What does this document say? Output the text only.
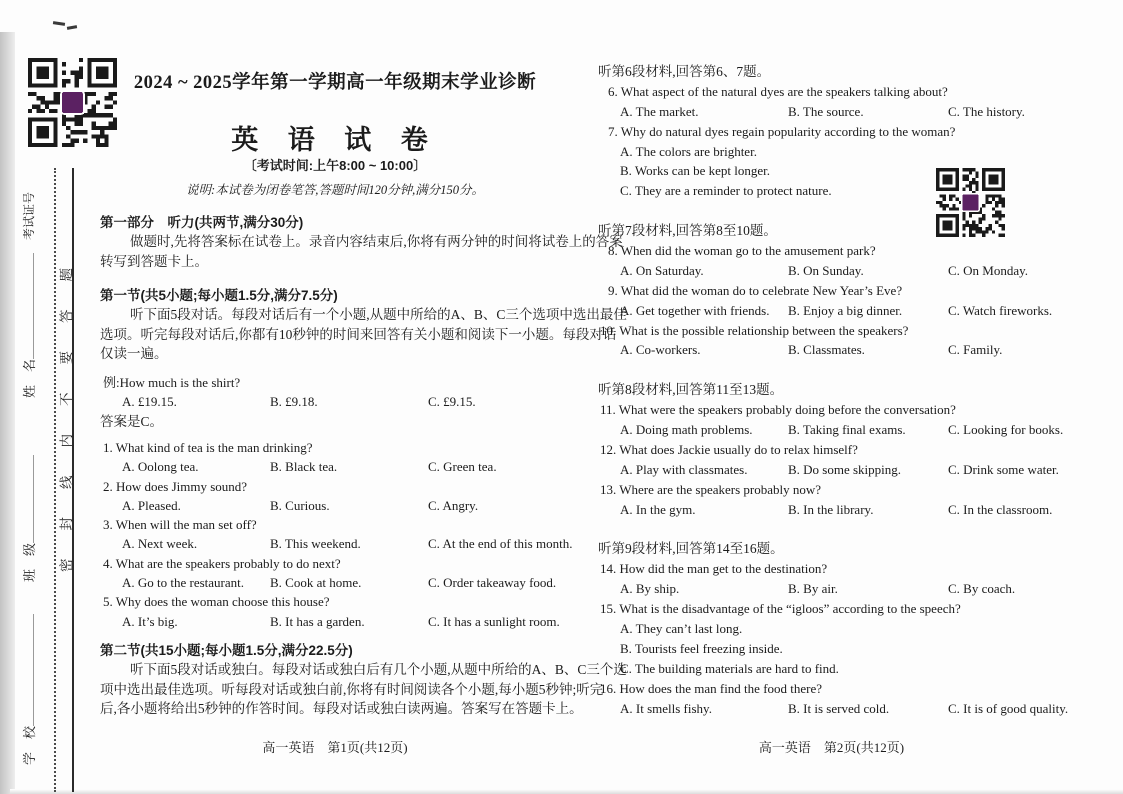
考试证号
姓　名
班　级
学　校
密封线内不要答题
2024 ~ 2025学年第一学期高一年级期末学业诊断
英 语 试 卷
〔考试时间:上午8:00 ~ 10:00〕
说明:本试卷为闭卷笔答,答题时间120分钟,满分150分。
第一部分　听力(共两节,满分30分)
做题时,先将答案标在试卷上。录音内容结束后,你将有两分钟的时间将试卷上的答案
转写到答题卡上。
第一节(共5小题;每小题1.5分,满分7.5分)
听下面5段对话。每段对话后有一个小题,从题中所给的A、B、C三个选项中选出最佳
选项。听完每段对话后,你都有10秒钟的时间来回答有关小题和阅读下一小题。每段对话
仅读一遍。
例:How much is the shirt?
A. £19.15.	B. £9.18.	C. £9.15.
答案是C。
1. What kind of tea is the man drinking?
A. Oolong tea.	B. Black tea.	C. Green tea.
2. How does Jimmy sound?
A. Pleased.	B. Curious.	C. Angry.
3. When will the man set off?
A. Next week.	B. This weekend.	C. At the end of this month.
4. What are the speakers probably to do next?
A. Go to the restaurant.	B. Cook at home.	C. Order takeaway food.
5. Why does the woman choose this house?
A. It’s big.	B. It has a garden.	C. It has a sunlight room.
第二节(共15小题;每小题1.5分,满分22.5分)
听下面5段对话或独白。每段对话或独白后有几个小题,从题中所给的A、B、C三个选
项中选出最佳选项。听每段对话或独白前,你将有时间阅读各个小题,每小题5秒钟;听完
后,各小题将给出5秒钟的作答时间。每段对话或独白读两遍。答案写在答题卡上。
高一英语　第1页(共12页)
听第6段材料,回答第6、7题。
6. What aspect of the natural dyes are the speakers talking about?
A. The market.	B. The source.	C. The history.
7. Why do natural dyes regain popularity according to the woman?
A. The colors are brighter.
B. Works can be kept longer.
C. They are a reminder to protect nature.
听第7段材料,回答第8至10题。
8. When did the woman go to the amusement park?
A. On Saturday.	B. On Sunday.	C. On Monday.
9. What did the woman do to celebrate New Year’s Eve?
A. Get together with friends.	B. Enjoy a big dinner.	C. Watch fireworks.
10. What is the possible relationship between the speakers?
A. Co-workers.	B. Classmates.	C. Family.
听第8段材料,回答第11至13题。
11. What were the speakers probably doing before the conversation?
A. Doing math problems.	B. Taking final exams.	C. Looking for books.
12. What does Jackie usually do to relax himself?
A. Play with classmates.	B. Do some skipping.	C. Drink some water.
13. Where are the speakers probably now?
A. In the gym.	B. In the library.	C. In the classroom.
听第9段材料,回答第14至16题。
14. How did the man get to the destination?
A. By ship.	B. By air.	C. By coach.
15. What is the disadvantage of the “igloos” according to the speech?
A. They can’t last long.
B. Tourists feel freezing inside.
C. The building materials are hard to find.
16. How does the man find the food there?
A. It smells fishy.	B. It is served cold.	C. It is of good quality.
高一英语　第2页(共12页)
